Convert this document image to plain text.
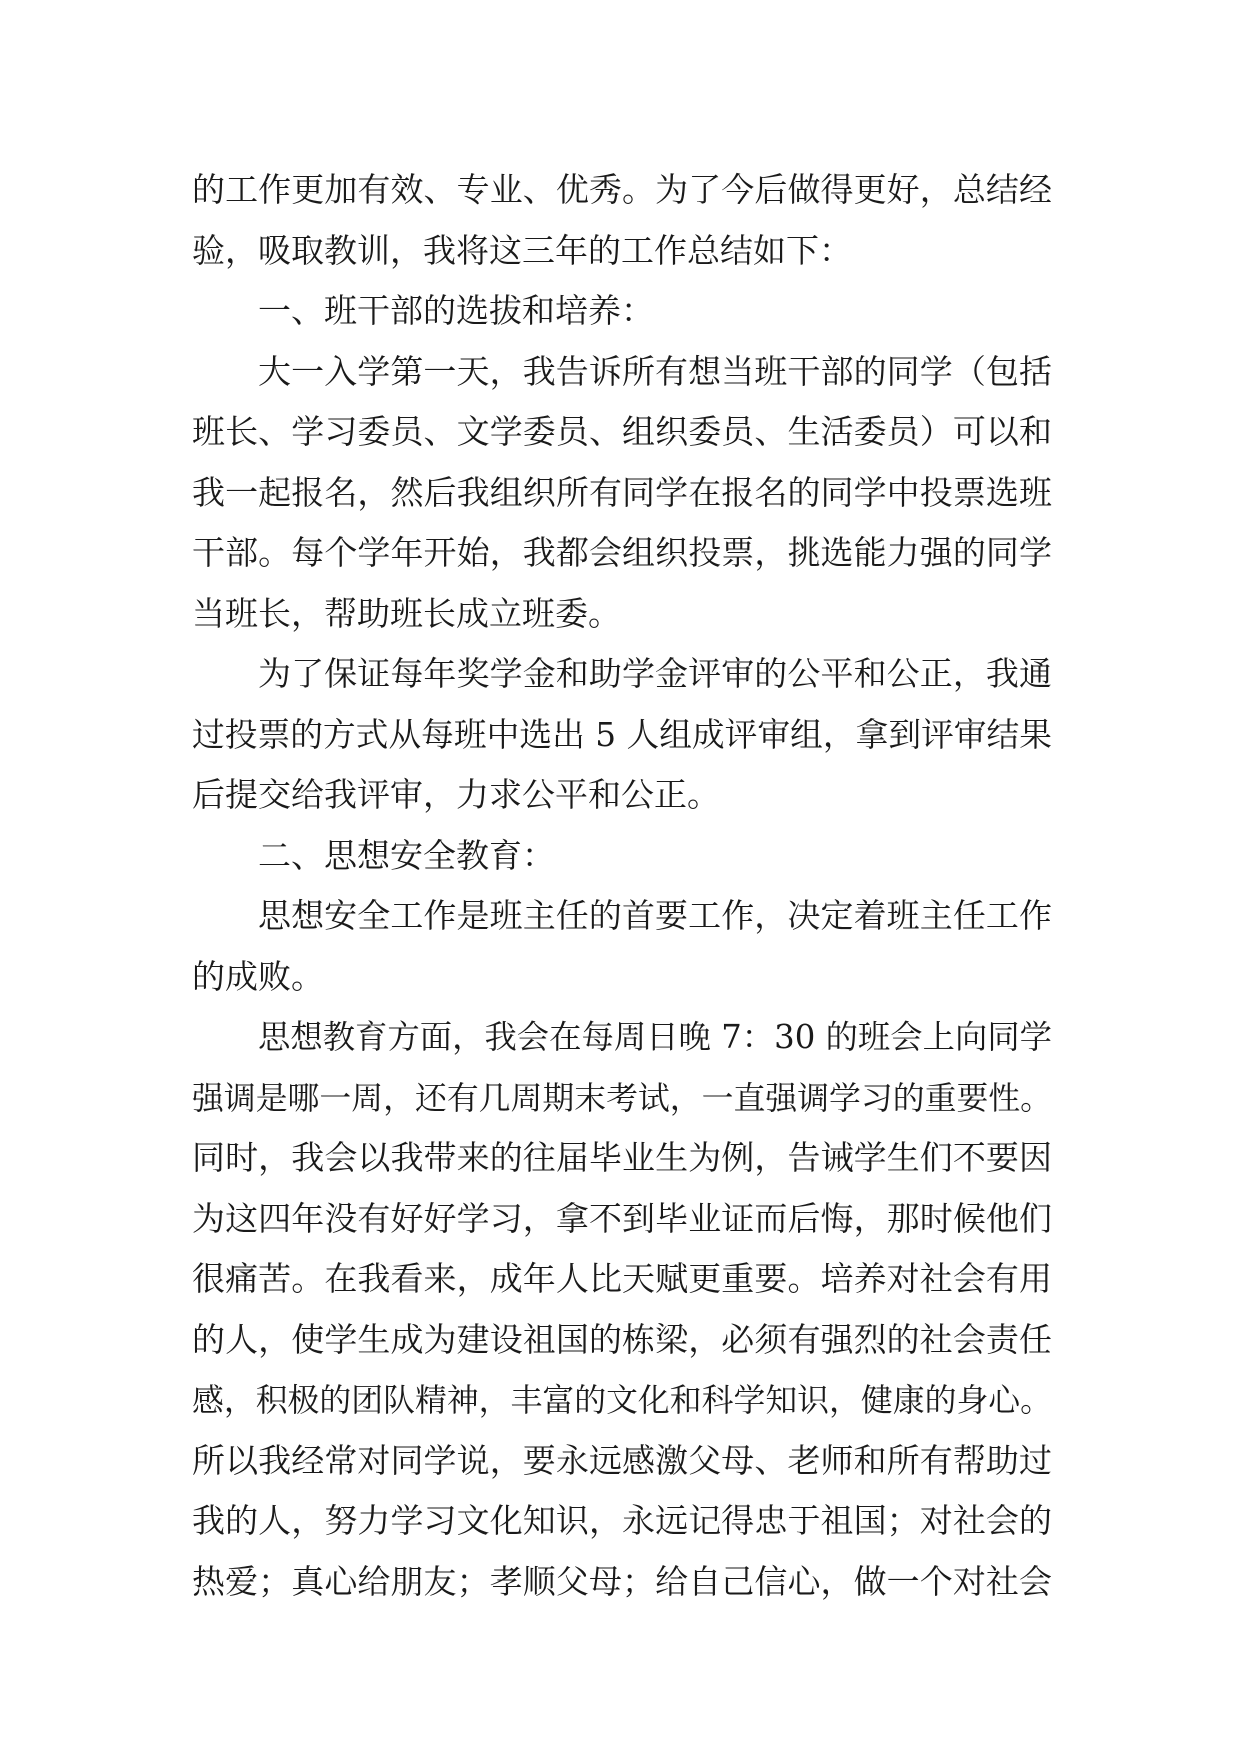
的工作更加有效、专业、优秀。为了今后做得更好，总结经
验，吸取教训，我将这三年的工作总结如下：
一、班干部的选拔和培养：
大一入学第一天，我告诉所有想当班干部的同学（包括
班长、学习委员、文学委员、组织委员、生活委员）可以和
我一起报名，然后我组织所有同学在报名的同学中投票选班
干部。每个学年开始，我都会组织投票，挑选能力强的同学
当班长，帮助班长成立班委。
为了保证每年奖学金和助学金评审的公平和公正，我通
过投票的方式从每班中选出 5 人组成评审组，拿到评审结果
后提交给我评审，力求公平和公正。
二、思想安全教育：
思想安全工作是班主任的首要工作，决定着班主任工作
的成败。
思想教育方面，我会在每周日晚 7：30 的班会上向同学
强调是哪一周，还有几周期末考试，一直强调学习的重要性。
同时，我会以我带来的往届毕业生为例，告诫学生们不要因
为这四年没有好好学习，拿不到毕业证而后悔，那时候他们
很痛苦。在我看来，成年人比天赋更重要。培养对社会有用
的人，使学生成为建设祖国的栋梁，必须有强烈的社会责任
感，积极的团队精神，丰富的文化和科学知识，健康的身心。
所以我经常对同学说，要永远感激父母、老师和所有帮助过
我的人，努力学习文化知识，永远记得忠于祖国；对社会的
热爱；真心给朋友；孝顺父母；给自己信心，做一个对社会
